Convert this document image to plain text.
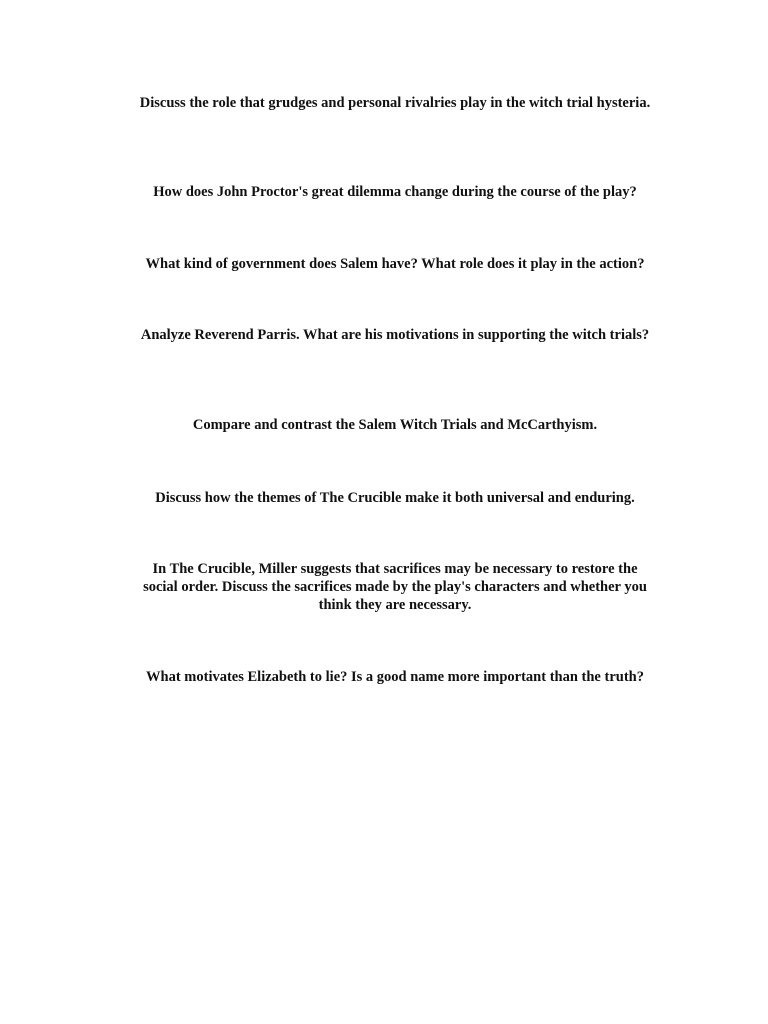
Discuss the role that grudges and personal rivalries play in the witch trial hysteria.

How does John Proctor's great dilemma change during the course of the play?

What kind of government does Salem have? What role does it play in the action?

Analyze Reverend Parris. What are his motivations in supporting the witch trials?

Compare and contrast the Salem Witch Trials and McCarthyism.

Discuss how the themes of The Crucible make it both universal and enduring.

In The Crucible, Miller suggests that sacrifices may be necessary to restore the social order. Discuss the sacrifices made by the play's characters and whether you think they are necessary.

What motivates Elizabeth to lie? Is a good name more important than the truth?
